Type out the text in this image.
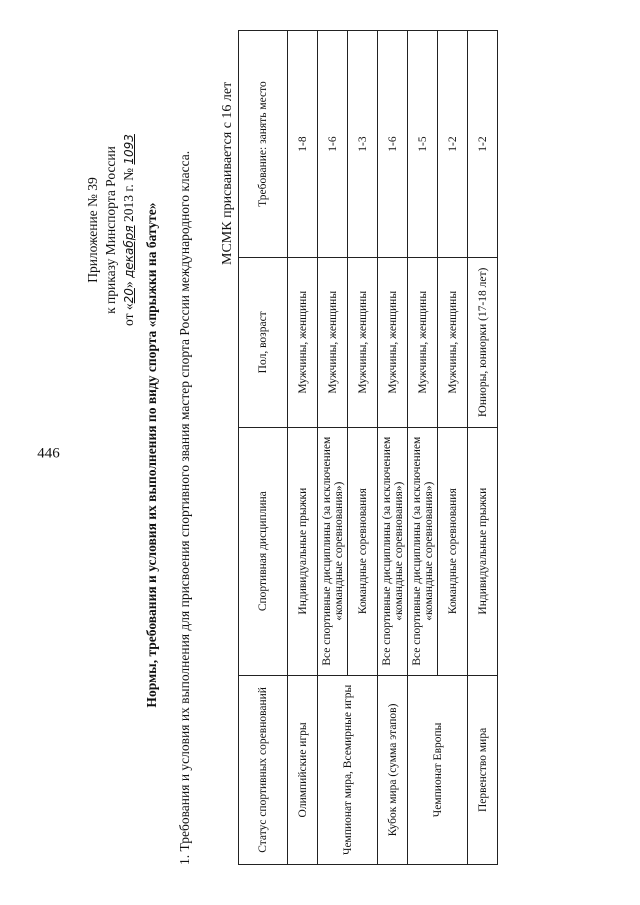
446
Приложение № 39 к приказу Минспорта России
от «20» декабря 2013 г. № 1093
Нормы, требования и условия их выполнения по виду спорта «прыжки на батуте» 1. Требования и условия их выполнения для присвоения спортивного звания мастер спорта России международного класса. МСМК присваивается с 16 лет
Статус спортивных соревнований	Спортивная дисциплина	Пол, возраст	Требование: занять место
Олимпийские игры	Индивидуальные прыжки	Мужчины, женщины	1-8
Чемпионат мира, Всемирные игры	Все спортивные дисциплины (за исключением «командные соревнования»)	Мужчины, женщины	1-6
	Командные соревнования	Мужчины, женщины	1-3
Кубок мира (сумма этапов)	Все спортивные дисциплины (за исключением «командные соревнования»)	Мужчины, женщины	1-6
Чемпионат Европы	Все спортивные дисциплины (за исключением «командные соревнования»)	Мужчины, женщины	1-5
	Командные соревнования	Мужчины, женщины	1-2
Первенство мира	Индивидуальные прыжки	Юниоры, юниорки (17-18 лет)	1-2
